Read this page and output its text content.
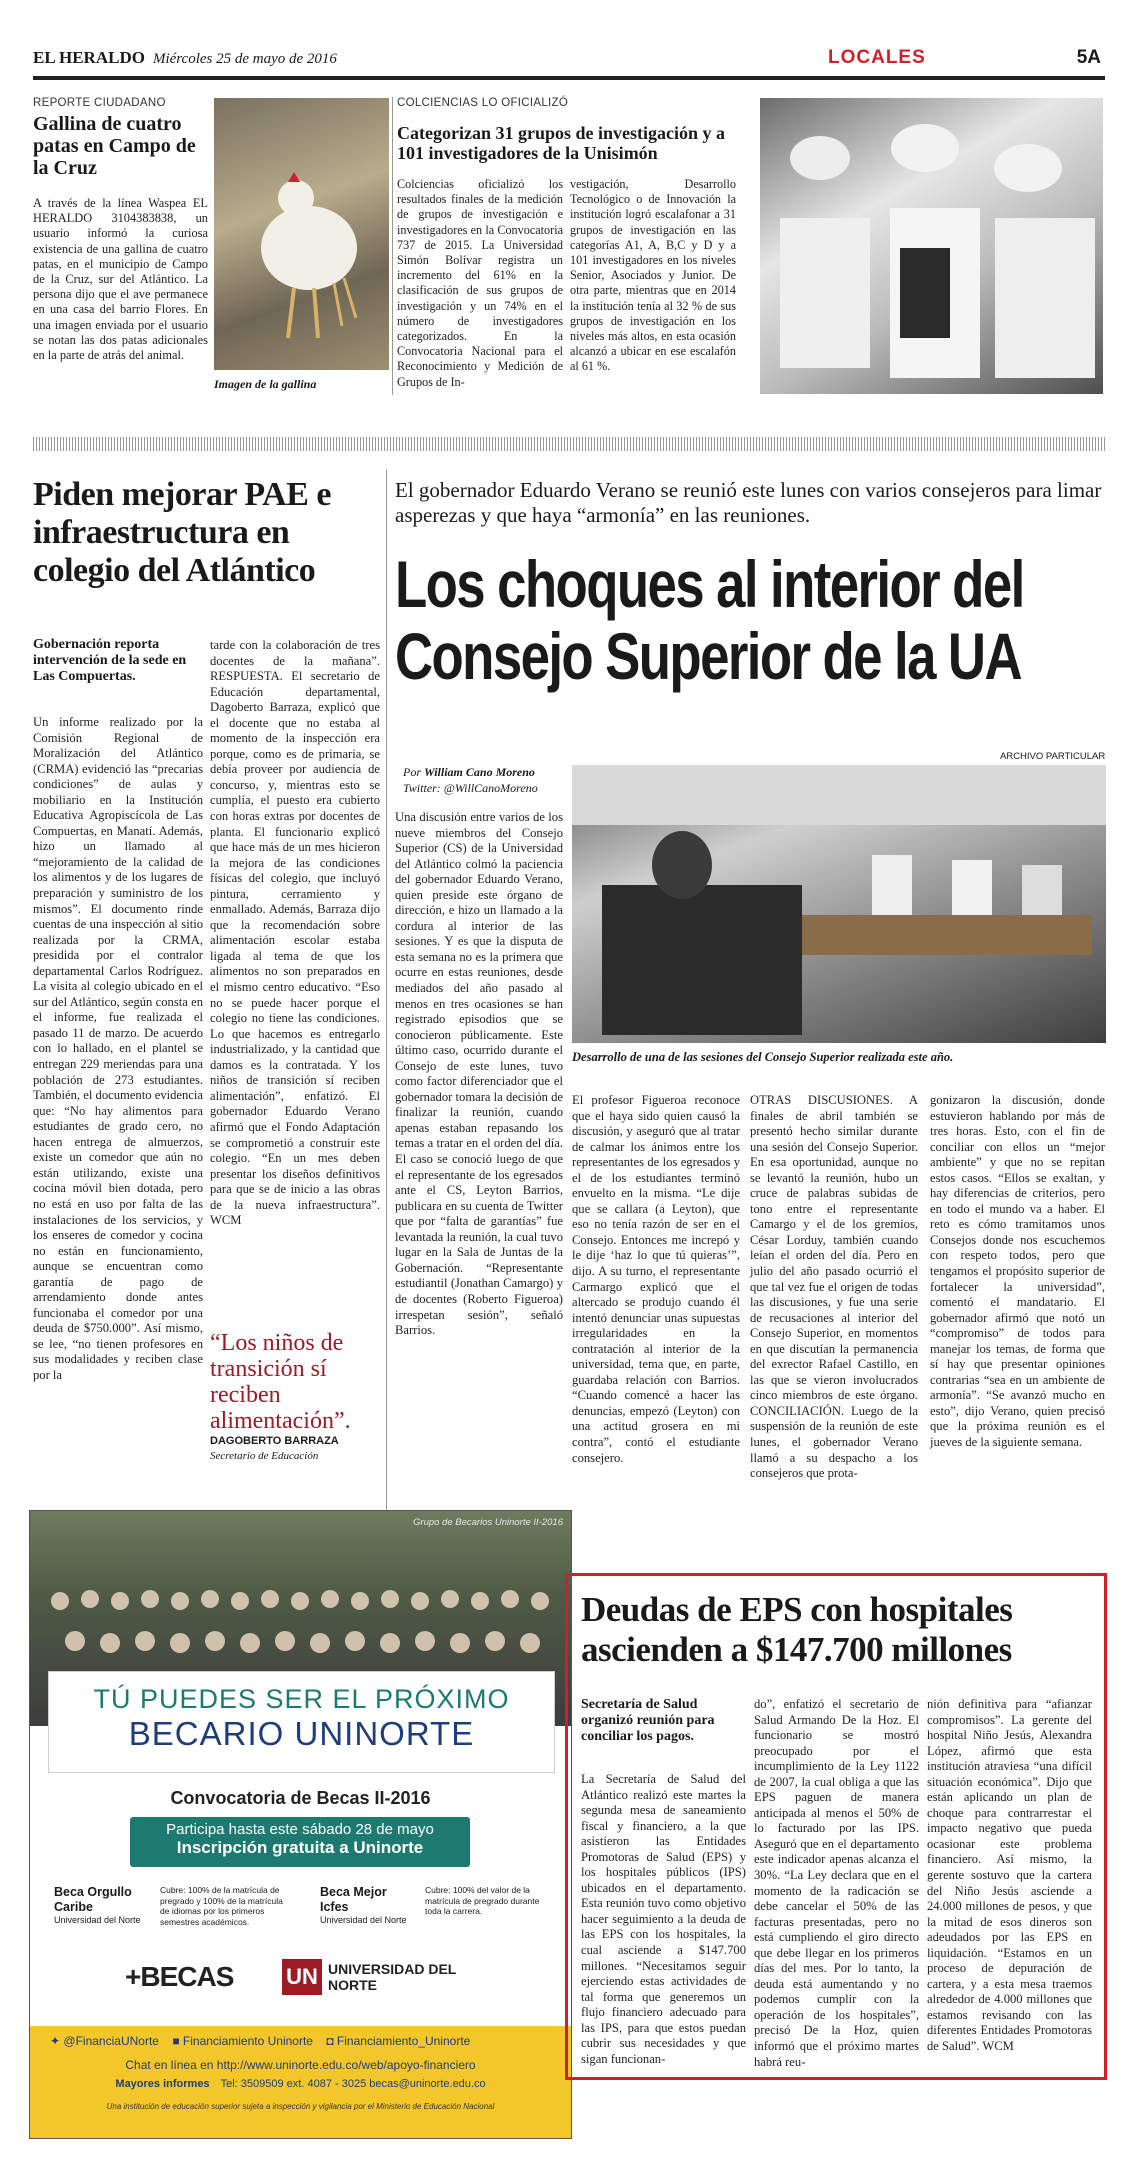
EL HERALDO Miércoles 25 de mayo de 2016	LOCALES	5A
REPORTE CIUDADANO
Gallina de cuatro patas en Campo de la Cruz
A través de la línea Waspea EL HERALDO 3104383838, un usuario informó la curiosa existencia de una gallina de cuatro patas, en el municipio de Campo de la Cruz, sur del Atlántico. La persona dijo que el ave permanece en una casa del barrio Flores. En una imagen enviada por el usuario se notan las dos patas adicionales en la parte de atrás del animal.
Imagen de la gallina
COLCIENCIAS LO OFICIALIZÓ
Categorizan 31 grupos de investigación y a 101 investigadores de la Unisimón
Colciencias oficializó los resultados finales de la medición de grupos de investigación e investigadores en la Convocatoria 737 de 2015. La Universidad Simón Bolívar registra un incremento del 61% en la clasificación de sus grupos de investigación y un 74% en el número de investigadores categorizados. En la Convocatoria Nacional para el Reconocimiento y Medición de Grupos de In-
vestigación, Desarrollo Tecnológico o de Innovación la institución logró escalafonar a 31 grupos de investigación en las categorías A1, A, B,C y D y a 101 investigadores en los niveles Senior, Asociados y Junior. De otra parte, mientras que en 2014 la institución tenía al 32 % de sus grupos de investigación en los niveles más altos, en esta ocasión alcanzó a ubicar en ese escalafón al 61 %.
Piden mejorar PAE e infraestructura en colegio del Atlántico
Gobernación reporta intervención de la sede en Las Compuertas.
Un informe realizado por la Comisión Regional de Moralización del Atlántico (CRMA) evidenció las “precarias condiciones” de aulas y mobiliario en la Institución Educativa Agropiscícola de Las Compuertas, en Manatí. Además, hizo un llamado al “mejoramiento de la calidad de los alimentos y de los lugares de preparación y suministro de los mismos”. El documento rinde cuentas de una inspección al sitio realizada por la CRMA, presidida por el contralor departamental Carlos Rodríguez. La visita al colegio ubicado en el sur del Atlántico, según consta en el informe, fue realizada el pasado 11 de marzo. De acuerdo con lo hallado, en el plantel se entregan 229 meriendas para una población de 273 estudiantes. También, el documento evidencia que: “No hay alimentos para estudiantes de grado cero, no hacen entrega de almuerzos, existe un comedor que aún no están utilizando, existe una cocina móvil bien dotada, pero no está en uso por falta de las instalaciones de los servicios, y los enseres de comedor y cocina no están en funcionamiento, aunque se encuentran como garantía de pago de arrendamiento donde antes funcionaba el comedor por una deuda de $750.000”. Así mismo, se lee, “no tienen profesores en sus modalidades y reciben clase por la
tarde con la colaboración de tres docentes de la mañana”. RESPUESTA. El secretario de Educación departamental, Dagoberto Barraza, explicó que el docente que no estaba al momento de la inspección era porque, como es de primaria, se debía proveer por audiencia de concurso, y, mientras esto se cumplía, el puesto era cubierto con horas extras por docentes de planta. El funcionario explicó que hace más de un mes hicieron la mejora de las condiciones físicas del colegio, que incluyó pintura, cerramiento y enmallado. Además, Barraza dijo que la recomendación sobre alimentación escolar estaba ligada al tema de que los alimentos no son preparados en el mismo centro educativo. “Eso no se puede hacer porque el colegio no tiene las condiciones. Lo que hacemos es entregarlo industrializado, y la cantidad que damos es la contratada. Y los niños de transición sí reciben alimentación”, enfatizó. El gobernador Eduardo Verano afirmó que el Fondo Adaptación se comprometió a construir este colegio. “En un mes deben presentar los diseños definitivos para que se de inicio a las obras de la nueva infraestructura”. WCM
“Los niños de transición sí reciben alimentación”.
DAGOBERTO BARRAZA
Secretario de Educación
El gobernador Eduardo Verano se reunió este lunes con varios consejeros para limar asperezas y que haya “armonía” en las reuniones.
Los choques al interior del
Consejo Superior de la UA
Por William Cano Moreno
Twitter: @WillCanoMoreno
ARCHIVO PARTICULAR
Desarrollo de una de las sesiones del Consejo Superior realizada este año.
Una discusión entre varios de los nueve miembros del Consejo Superior (CS) de la Universidad del Atlántico colmó la paciencia del gobernador Eduardo Verano, quien preside este órgano de dirección, e hizo un llamado a la cordura al interior de las sesiones. Y es que la disputa de esta semana no es la primera que ocurre en estas reuniones, desde mediados del año pasado al menos en tres ocasiones se han registrado episodios que se conocieron públicamente. Este último caso, ocurrido durante el Consejo de este lunes, tuvo como factor diferenciador que el gobernador tomara la decisión de finalizar la reunión, cuando apenas estaban repasando los temas a tratar en el orden del día. El caso se conoció luego de que el representante de los egresados ante el CS, Leyton Barrios, publicara en su cuenta de Twitter que por “falta de garantías” fue levantada la reunión, la cual tuvo lugar en la Sala de Juntas de la Gobernación. “Representante estudiantil (Jonathan Camargo) y de docentes (Roberto Figueroa) irrespetan sesión”, señaló Barrios.
El profesor Figueroa reconoce que el haya sido quien causó la discusión, y aseguró que al tratar de calmar los ánimos entre los representantes de los egresados y el de los estudiantes terminó envuelto en la misma. “Le dije que se callara (a Leyton), que eso no tenía razón de ser en el Consejo. Entonces me increpó y le dije ‘haz lo que tú quieras’”, dijo. A su turno, el representante Carmargo explicó que el altercado se produjo cuando él intentó denunciar unas supuestas irregularidades en la contratación al interior de la universidad, tema que, en parte, guardaba relación con Barrios. “Cuando comencé a hacer las denuncias, empezó (Leyton) con una actitud grosera en mi contra”, contó el estudiante consejero.
OTRAS DISCUSIONES. A finales de abril también se presentó hecho similar durante una sesión del Consejo Superior. En esa oportunidad, aunque no se levantó la reunión, hubo un cruce de palabras subidas de tono entre el representante Camargo y el de los gremios, César Lorduy, también cuando leían el orden del día. Pero en julio del año pasado ocurrió el que tal vez fue el origen de todas las discusiones, y fue una serie de recusaciones al interior del Consejo Superior, en momentos en que discutían la permanencia del exrector Rafael Castillo, en las que se vieron involucrados cinco miembros de este órgano. CONCILIACIÓN. Luego de la suspensión de la reunión de este lunes, el gobernador Verano llamó a su despacho a los consejeros que prota-
gonizaron la discusión, donde estuvieron hablando por más de tres horas. Esto, con el fin de conciliar con ellos un “mejor ambiente” y que no se repitan estos casos. “Ellos se exaltan, y hay diferencias de criterios, pero en todo el mundo va a haber. El reto es cómo tramitamos unos Consejos donde nos escuchemos con respeto todos, pero que tengamos el propósito superior de fortalecer la universidad”, comentó el mandatario. El gobernador afirmó que notó un “compromiso” de todos para manejar los temas, de forma que sí hay que presentar opiniones contrarias “sea en un ambiente de armonía”. “Se avanzó mucho en esto”, dijo Verano, quien precisó que la próxima reunión es el jueves de la siguiente semana.
Grupo de Becarios Uninorte II-2016
TÚ PUEDES SER EL PRÓXIMO
BECARIO UNINORTE
Convocatoria de Becas II-2016
Participa hasta este sábado 28 de mayo
Inscripción gratuita a Uninorte
Beca Orgullo Caribe
Universidad del Norte
Cubre: 100% de la matrícula de pregrado y 100% de la matrícula de idiomas por los primeros semestres académicos.
Beca Mejor Icfes
Universidad del Norte
Cubre: 100% del valor de la matrícula de pregrado durante toda la carrera.
+BECAS UN UNIVERSIDAD DEL NORTE
✦ @FinanciaUNorte ■ Financiamiento Uninorte ◘ Financiamiento_Uninorte
Chat en línea en http://www.uninorte.edu.co/web/apoyo-financiero
Mayores informes Tel: 3509509 ext. 4087 - 3025 becas@uninorte.edu.co
Una institución de educación superior sujeta a inspección y vigilancia por el Ministerio de Educación Nacional
Deudas de EPS con hospitales ascienden a $147.700 millones
Secretaría de Salud organizó reunión para conciliar los pagos.
La Secretaría de Salud del Atlántico realizó este martes la segunda mesa de saneamiento fiscal y financiero, a la que asistieron las Entidades Promotoras de Salud (EPS) y los hospitales públicos (IPS) ubicados en el departamento. Esta reunión tuvo como objetivo hacer seguimiento a la deuda de las EPS con los hospitales, la cual asciende a $147.700 millones. “Necesitamos seguir ejerciendo estas actividades de tal forma que generemos un flujo financiero adecuado para las IPS, para que estos puedan cubrir sus necesidades y que sigan funcionan-
do”, enfatizó el secretario de Salud Armando De la Hoz. El funcionario se mostró preocupado por el incumplimiento de la Ley 1122 de 2007, la cual obliga a que las EPS paguen de manera anticipada al menos el 50% de lo facturado por las IPS. Aseguró que en el departamento este indicador apenas alcanza el 30%. “La Ley declara que en el momento de la radicación se debe cancelar el 50% de las facturas presentadas, pero no está cumpliendo el giro directo que debe llegar en los primeros días del mes. Por lo tanto, la deuda está aumentando y no podemos cumplir con la operación de los hospitales”, precisó De la Hoz, quien informó que el próximo martes habrá reu-
nión definitiva para “afianzar compromisos”. La gerente del hospital Niño Jesús, Alexandra López, afirmó que esta institución atraviesa “una difícil situación económica”. Dijo que están aplicando un plan de choque para contrarrestar el impacto negativo que pueda ocasionar este problema financiero. Así mismo, la gerente sostuvo que la cartera del Niño Jesús asciende a 24.000 millones de pesos, y que la mitad de esos dineros son adeudados por las EPS en liquidación. “Estamos en un proceso de depuración de cartera, y a esta mesa traemos alrededor de 4.000 millones que estamos revisando con las diferentes Entidades Promotoras de Salud”. WCM
